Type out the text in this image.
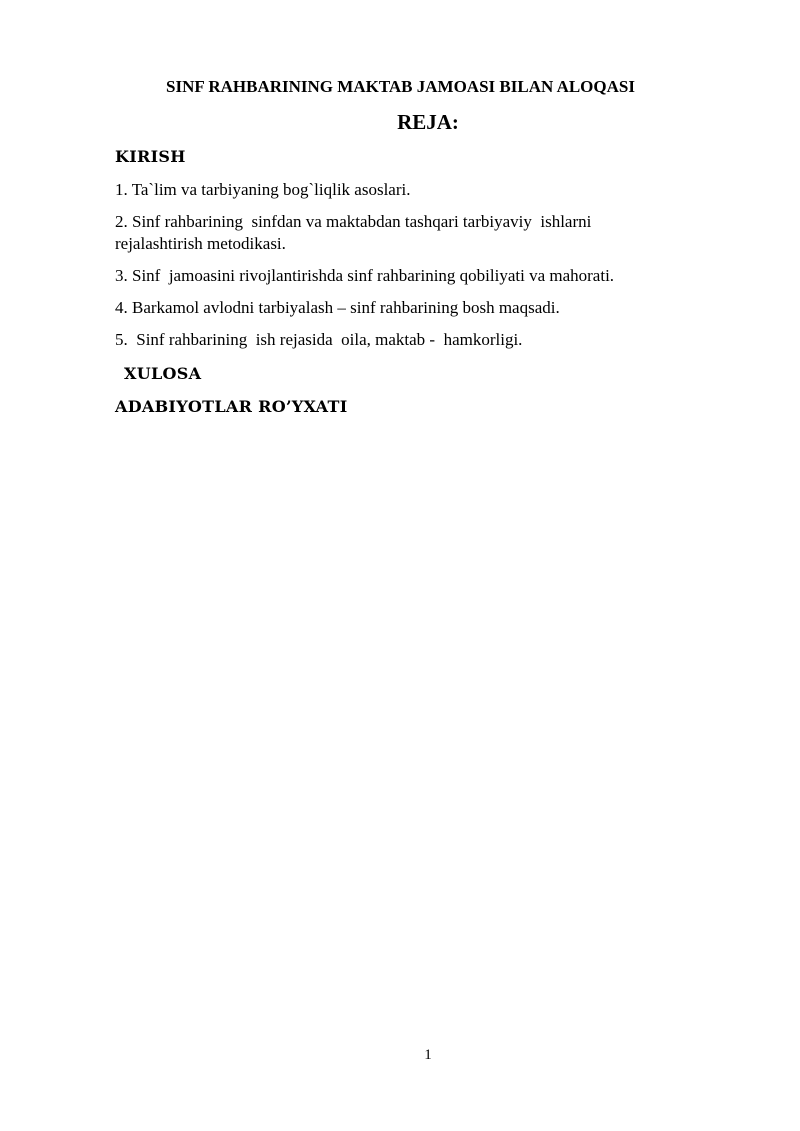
SINF RAHBARINING MAKTAB JAMOASI BILAN ALOQASI
REJA:
KIRISH
1. Ta`lim va tarbiyaning bog`liqlik asoslari.
2. Sinf rahbarining  sinfdan va maktabdan tashqari tarbiyaviy  ishlarni rejalashtirish metodikasi.
3. Sinf  jamoasini rivojlantirishda sinf rahbarining qobiliyati va mahorati.
4. Barkamol avlodni tarbiyalash – sinf rahbarining bosh maqsadi.
5.  Sinf rahbarining  ish rejasida  oila, maktab -  hamkorligi.
XULOSA
ADABIYOTLAR RO’YXATI
1
